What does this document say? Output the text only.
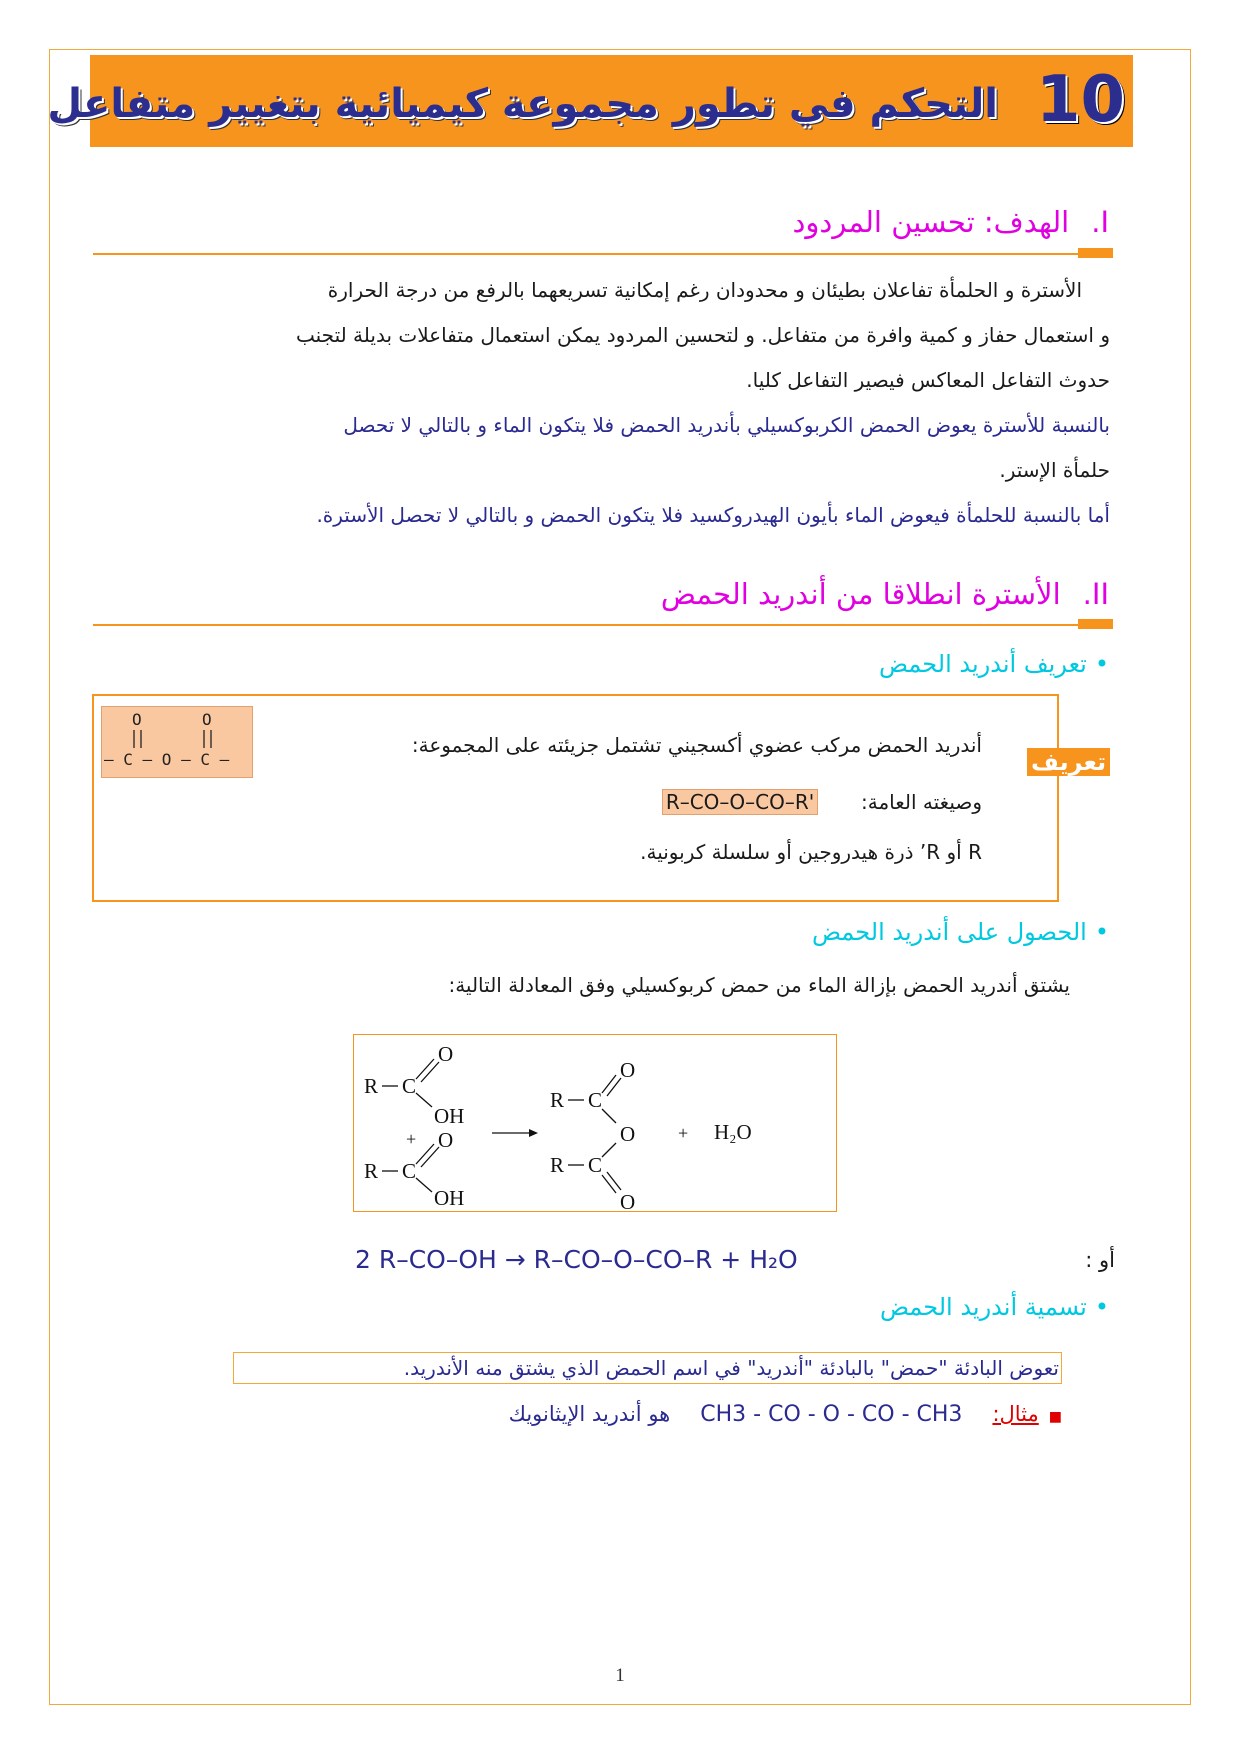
10
التحكم في تطور مجموعة كيميائية بتغيير متفاعل
I.الهدف: تحسين المردود
الأسترة و الحلمأة تفاعلان بطيئان و محدودان رغم إمكانية تسريعهما بالرفع من درجة الحرارة
و استعمال حفاز و كمية وافرة من متفاعل. و لتحسين المردود يمكن استعمال متفاعلات بديلة لتجنب
حدوث التفاعل المعاكس فيصير التفاعل كليا.
بالنسبة للأسترة يعوض الحمض الكربوكسيلي بأندريد الحمض فلا يتكون الماء و بالتالي لا تحصل
حلمأة الإستر.
أما بالنسبة للحلمأة فيعوض الماء بأيون الهيدروكسيد فلا يتكون الحمض و بالتالي لا تحصل الأسترة.
II.الأسترة انطلاقا من أندريد الحمض
•تعريف أندريد الحمض
تعريف
O	O
– C – O – C –
أندريد الحمض مركب عضوي أكسجيني تشتمل جزيئته على المجموعة:
وصيغته العامة:  R–CO–O–CO–R'
R أو R’ ذرة هيدروجين أو سلسلة كربونية.
•الحصول على أندريد الحمض
يشتق أندريد الحمض بإزالة الماء من حمض كربوكسيلي وفق المعادلة التالية:
R C
O
OH
+
R C
O
OH
R C
O
O
R C
O
+ H₂O
أو :
2 R–CO–OH → R–CO–O–CO–R + H₂O
•تسمية أندريد الحمض
تعوض البادئة "حمض" بالبادئة "أندريد" في اسم الحمض الذي يشتق منه الأندريد.
■مثال:CH3 - CO - O - CO - CH3هو أندريد الإيثانويك
1
